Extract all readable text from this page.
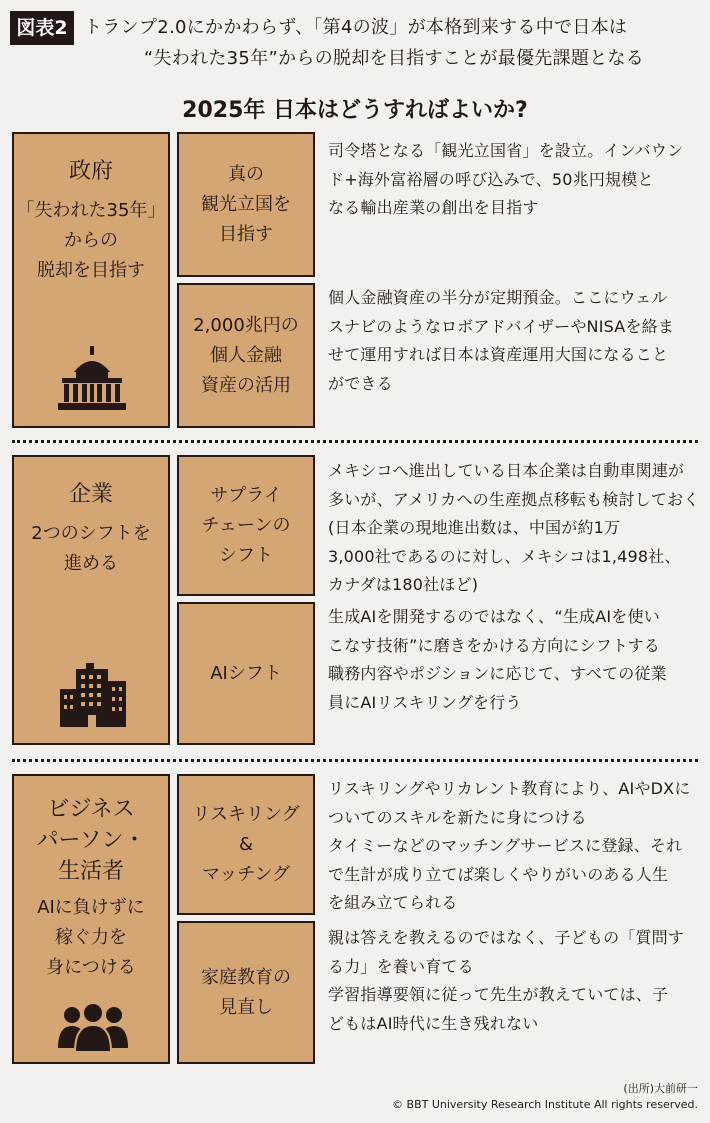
図表2 トランプ2.0にかかわらず、「第4の波」が本格到来する中で日本は
“失われた35年”からの脱却を目指すことが最優先課題となる
2025年 日本はどうすればよいか?
政府
「失われた35年」
からの
脱却を目指す
真の
観光立国を
目指す
司令塔となる「観光立国省」を設立。インバウン
ド+海外富裕層の呼び込みで、50兆円規模と
なる輸出産業の創出を目指す
2,000兆円の
個人金融
資産の活用
個人金融資産の半分が定期預金。ここにウェル
スナビのようなロボアドバイザーやNISAを絡ま
せて運用すれば日本は資産運用大国になること
ができる
企業
2つのシフトを
進める
サプライ
チェーンの
シフト
メキシコへ進出している日本企業は自動車関連が
多いが、アメリカへの生産拠点移転も検討しておく
(日本企業の現地進出数は、中国が約1万
3,000社であるのに対し、メキシコは1,498社、
カナダは180社ほど)
AIシフト
生成AIを開発するのではなく、“生成AIを使い
こなす技術”に磨きをかける方向にシフトする
職務内容やポジションに応じて、すべての従業
員にAIリスキリングを行う
ビジネス
パーソン・
生活者
AIに負けずに
稼ぐ力を
身につける
リスキリング
&
マッチング
リスキリングやリカレント教育により、AIやDXに
ついてのスキルを新たに身につける
タイミーなどのマッチングサービスに登録、それ
で生計が成り立てば楽しくやりがいのある人生
を組み立てられる
家庭教育の
見直し
親は答えを教えるのではなく、子どもの「質問す
る力」を養い育てる
学習指導要領に従って先生が教えていては、子
どもはAI時代に生き残れない
(出所)大前研一
© BBT University Research Institute All rights reserved.
